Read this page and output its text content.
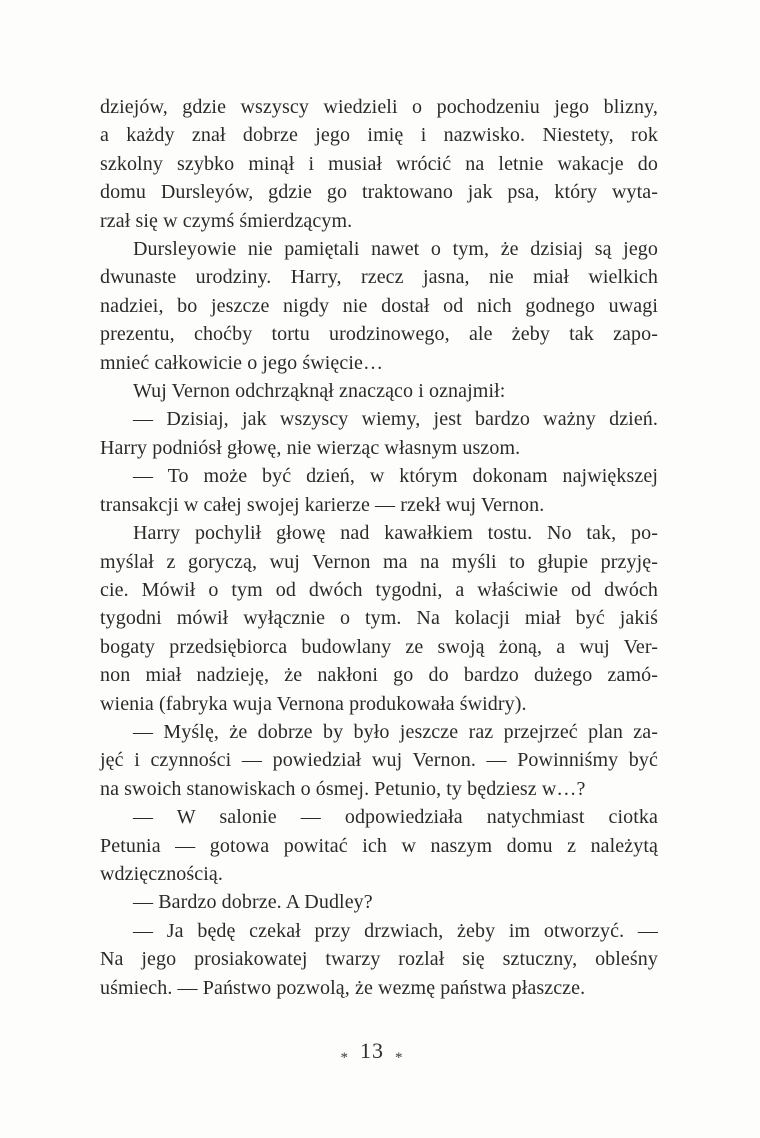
dziejów, gdzie wszyscy wiedzieli o pochodzeniu jego blizny,
a każdy znał dobrze jego imię i nazwisko. Niestety, rok
szkolny szybko minął i musiał wrócić na letnie wakacje do
domu Dursleyów, gdzie go traktowano jak psa, który wyta-
rzał się w czymś śmierdzącym.
Dursleyowie nie pamiętali nawet o tym, że dzisiaj są jego
dwunaste urodziny. Harry, rzecz jasna, nie miał wielkich
nadziei, bo jeszcze nigdy nie dostał od nich godnego uwagi
prezentu, choćby tortu urodzinowego, ale żeby tak zapo-
mnieć całkowicie o jego święcie…
Wuj Vernon odchrząknął znacząco i oznajmił:
— Dzisiaj, jak wszyscy wiemy, jest bardzo ważny dzień.
Harry podniósł głowę, nie wierząc własnym uszom.
— To może być dzień, w którym dokonam największej
transakcji w całej swojej karierze — rzekł wuj Vernon.
Harry pochylił głowę nad kawałkiem tostu. No tak, po-
myślał z goryczą, wuj Vernon ma na myśli to głupie przyję-
cie. Mówił o tym od dwóch tygodni, a właściwie od dwóch
tygodni mówił wyłącznie o tym. Na kolacji miał być jakiś
bogaty przedsiębiorca budowlany ze swoją żoną, a wuj Ver-
non miał nadzieję, że nakłoni go do bardzo dużego zamó-
wienia (fabryka wuja Vernona produkowała świdry).
— Myślę, że dobrze by było jeszcze raz przejrzeć plan za-
jęć i czynności — powiedział wuj Vernon. — Powinniśmy być
na swoich stanowiskach o ósmej. Petunio, ty będziesz w…?
— W salonie — odpowiedziała natychmiast ciotka
Petunia — gotowa powitać ich w naszym domu z należytą
wdzięcznością.
— Bardzo dobrze. A Dudley?
— Ja będę czekał przy drzwiach, żeby im otworzyć. —
Na jego prosiakowatej twarzy rozlał się sztuczny, obleśny
uśmiech. — Państwo pozwolą, że wezmę państwa płaszcze.
* 13 *
